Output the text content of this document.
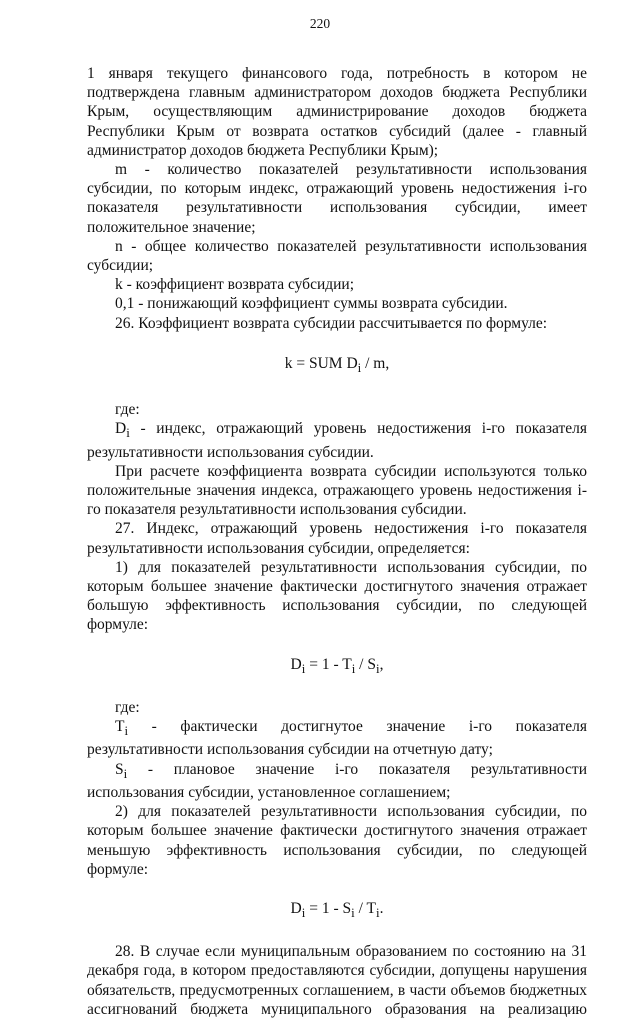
220

1 января текущего финансового года, потребность в котором не подтверждена главным администратором доходов бюджета Республики Крым, осуществляющим администрирование доходов бюджета Республики Крым от возврата остатков субсидий (далее - главный администратор доходов бюджета Республики Крым);

m - количество показателей результативности использования субсидии, по которым индекс, отражающий уровень недостижения i-го показателя результативности использования субсидии, имеет положительное значение;

n - общее количество показателей результативности использования субсидии;

k - коэффициент возврата субсидии;

0,1 - понижающий коэффициент суммы возврата субсидии.

26. Коэффициент возврата субсидии рассчитывается по формуле:

k = SUM $D_i$ / m,

где:

$D_i$ - индекс, отражающий уровень недостижения i-го показателя результативности использования субсидии.

При расчете коэффициента возврата субсидии используются только положительные значения индекса, отражающего уровень недостижения i-го показателя результативности использования субсидии.

27. Индекс, отражающий уровень недостижения i-го показателя результативности использования субсидии, определяется:

1) для показателей результативности использования субсидии, по которым большее значение фактически достигнутого значения отражает большую эффективность использования субсидии, по следующей формуле:

$D_i = 1 - T_i / S_i$,

где:

$T_i$ - фактически достигнутое значение i-го показателя результативности использования субсидии на отчетную дату;

$S_i$ - плановое значение i-го показателя результативности использования субсидии, установленное соглашением;

2) для показателей результативности использования субсидии, по которым большее значение фактически достигнутого значения отражает меньшую эффективность использования субсидии, по следующей формуле:

$D_i = 1 - S_i / T_i$.

28. В случае если муниципальным образованием по состоянию на 31 декабря года, в котором предоставляются субсидии, допущены нарушения обязательств, предусмотренных соглашением, в части объемов бюджетных ассигнований бюджета муниципального образования на реализацию
